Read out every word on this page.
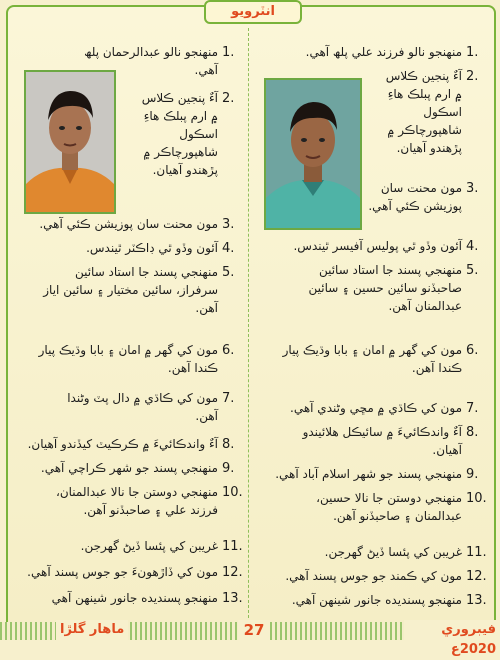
انٽرويو
1.
منهنجو نالو فرزند علي پلھ آھي.
2.
آءٌ پنجين ڪلاس
۾ ارم پبلڪ هاءِ
اسڪول
شاهپورچاڪر ۾
پڙهندو آهيان.
3.
مون محنت سان
پوزيشن ڪئي آهي.
4.
آئون وڏو ٿي پوليس آفيسر ٿيندس.
5.
منهنجي پسند جا استاد سائين
صاحبڏنو سائين حسين ۽ سائين
عبدالمنان آهن.
6.
مون کي گهر ۾ امان ۽ بابا وڌيڪ پيار
ڪندا آهن.
7.
مون کي ڪاڌي ۾ مڇي وڻندي آهي.
8.
آءٌ واندڪائيءَ ۾ سائيڪل هلائيندو
آهيان.
9.
منهنجي پسند جو شهر اسلام آباد آهي.
10.
منهنجي دوستن جا نالا حسين،
عبدالمنان ۽ صاحبڏنو آهن.
11.
غريبن کي پئسا ڏيڻ گهرجن.
12.
مون کي ڪمند جو جوس پسند آهي.
13.
منهنجو پسنديده جانور شينهن آهي.
1.
منهنجو نالو عبدالرحمان پلھ
آهي.
2.
آءٌ پنجين ڪلاس
۾ ارم پبلڪ هاءِ
اسڪول
شاهپورچاڪر ۾
پڙهندو آهيان.
3.
مون محنت سان پوزيشن ڪئي آهي.
4.
آئون وڏو ٿي ڊاڪٽر ٿيندس.
5.
منهنجي پسند جا استاد سائين
سرفراز، سائين مختيار ۽ سائين اياز
آهن.
6.
مون کي گهر ۾ امان ۽ بابا وڌيڪ پيار
ڪندا آهن.
7.
مون کي ڪاڌي ۾ دال پٽ وڻندا
آهن.
8.
آءٌ واندڪائيءَ ۾ ڪرڪيٽ کيڏندو آهيان.
9.
منهنجي پسند جو شهر ڪراچي آهي.
10.
منهنجي دوستن جا نالا عبدالمنان،
فرزند علي ۽ صاحبڏنو آهن.
11.
غريبن کي پئسا ڏيڻ گهرجن.
12.
مون کي ڏاڙهونءَ جو جوس پسند آهي.
13.
منهنجو پسنديده جانور شينهن آهي
ماهار گلڙا	27	فيبروري 2020ع
